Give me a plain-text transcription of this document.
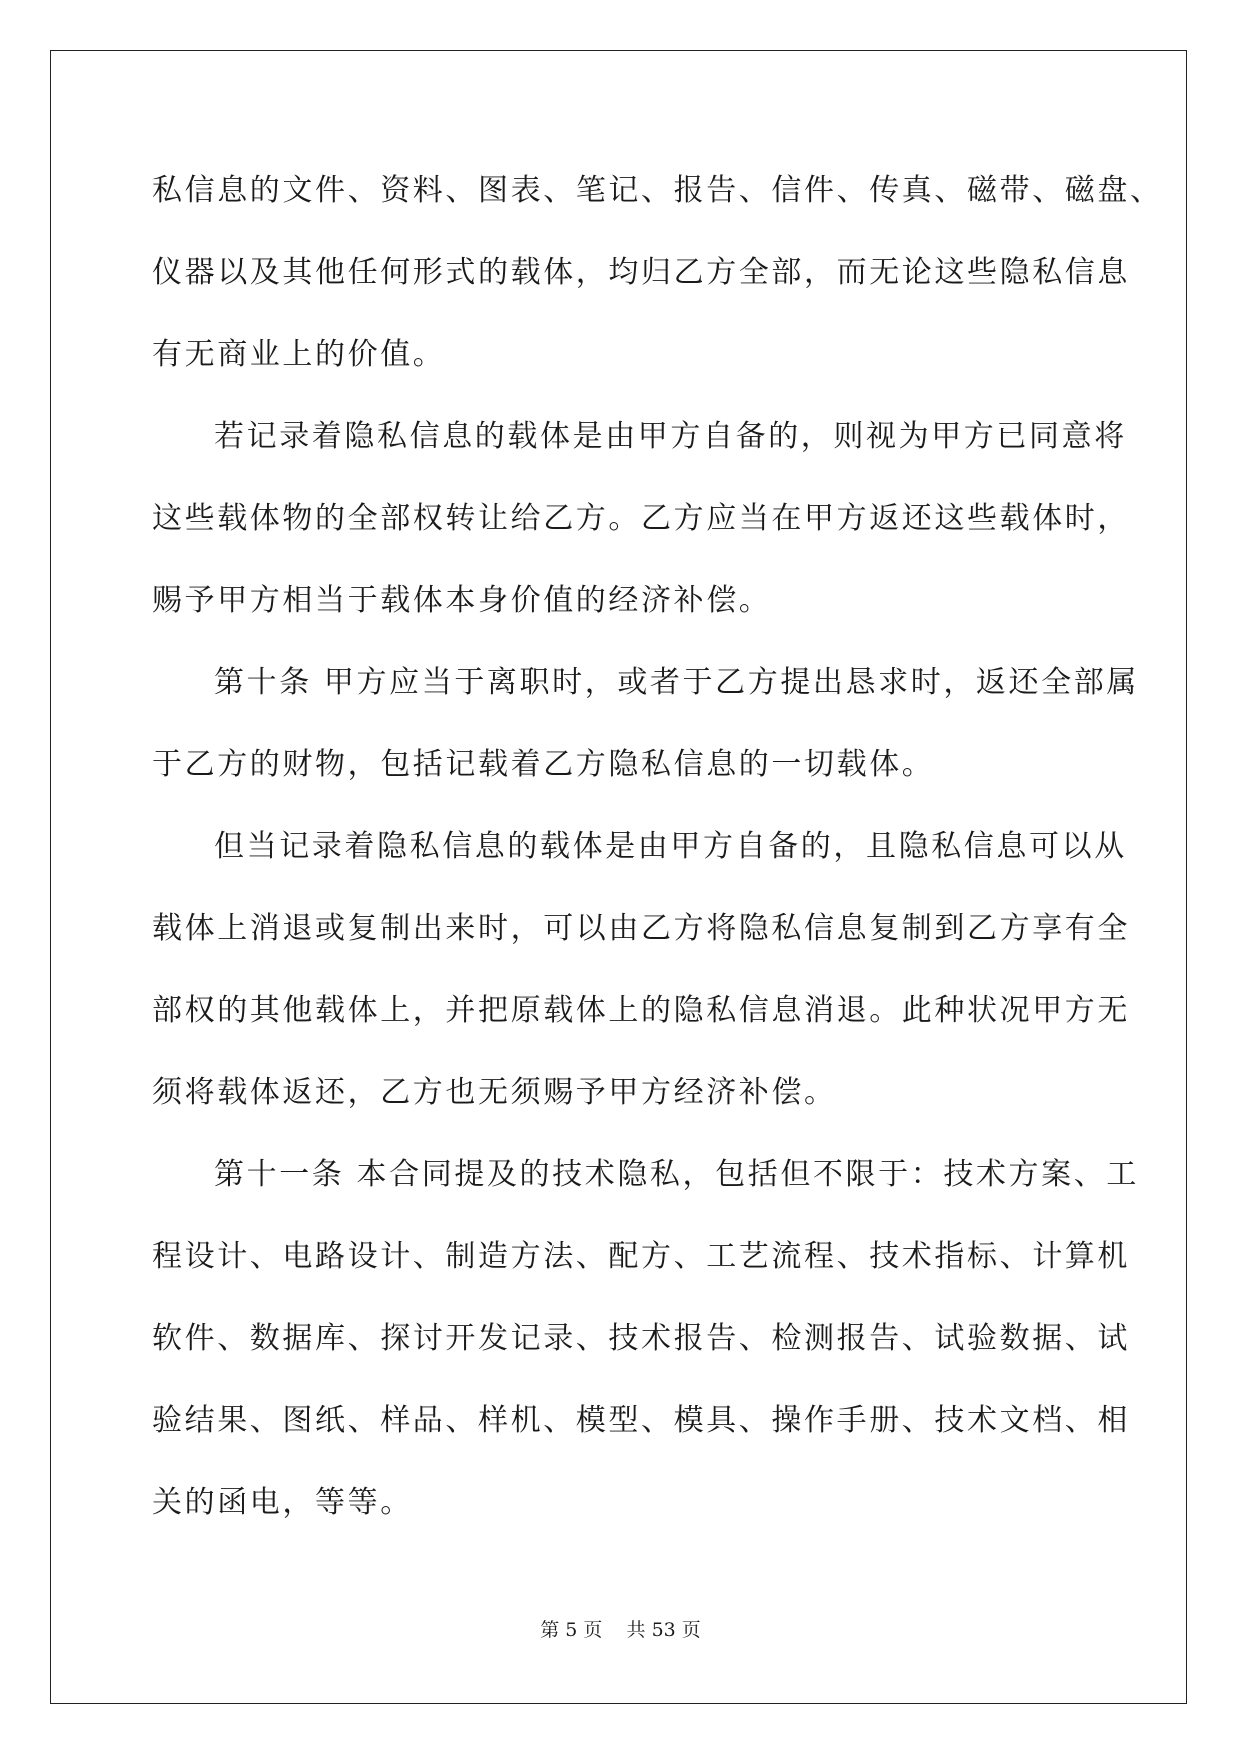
私信息的文件、资料、图表、笔记、报告、信件、传真、磁带、磁盘、
仪器以及其他任何形式的载体，均归乙方全部，而无论这些隐私信息
有无商业上的价值。
若记录着隐私信息的载体是由甲方自备的，则视为甲方已同意将
这些载体物的全部权转让给乙方。乙方应当在甲方返还这些载体时，
赐予甲方相当于载体本身价值的经济补偿。
第十条 甲方应当于离职时，或者于乙方提出恳求时，返还全部属
于乙方的财物，包括记载着乙方隐私信息的一切载体。
但当记录着隐私信息的载体是由甲方自备的，且隐私信息可以从
载体上消退或复制出来时，可以由乙方将隐私信息复制到乙方享有全
部权的其他载体上，并把原载体上的隐私信息消退。此种状况甲方无
须将载体返还，乙方也无须赐予甲方经济补偿。
第十一条 本合同提及的技术隐私，包括但不限于：技术方案、工
程设计、电路设计、制造方法、配方、工艺流程、技术指标、计算机
软件、数据库、探讨开发记录、技术报告、检测报告、试验数据、试
验结果、图纸、样品、样机、模型、模具、操作手册、技术文档、相
关的函电，等等。
第 5 页    共 53 页
